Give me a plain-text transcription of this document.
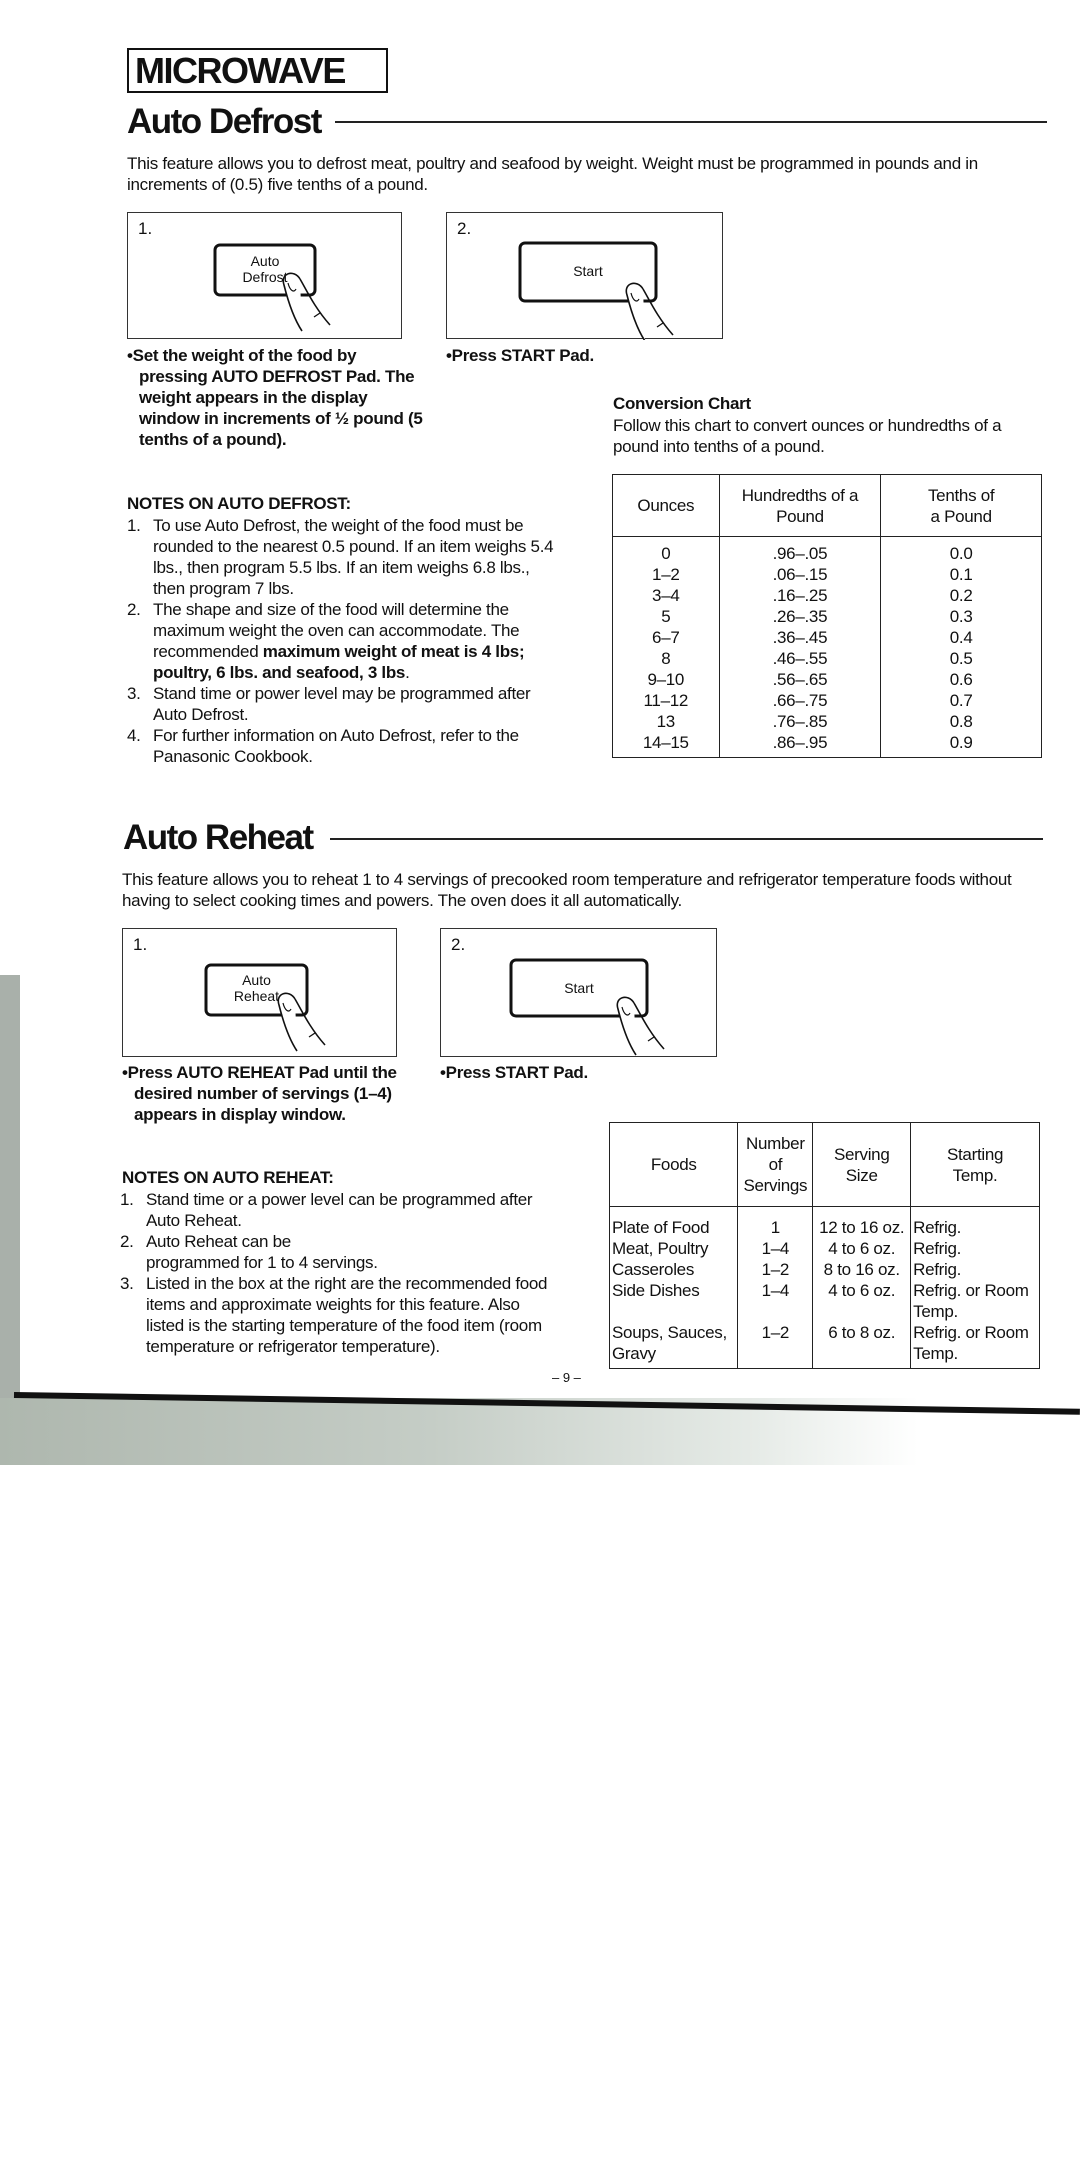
MICROWAVE
Auto Defrost
This feature allows you to defrost meat, poultry and seafood by weight. Weight must be programmed in pounds and in increments of (0.5) five tenths of a pound.
1.
Auto
Defrost
2.
Start
•Set the weight of the food by pressing AUTO DEFROST Pad. The weight appears in the display window in increments of ½ pound (5 tenths of a pound).
•Press START Pad.
Conversion Chart
Follow this chart to convert ounces or hundredths of a pound into tenths of a pound.
NOTES ON AUTO DEFROST:
1. To use Auto Defrost, the weight of the food must be rounded to the nearest 0.5 pound. If an item weighs 5.4 lbs., then program 5.5 lbs. If an item weighs 6.8 lbs., then program 7 lbs.
2. The shape and size of the food will determine the maximum weight the oven can accommodate. The recommended maximum weight of meat is 4 lbs; poultry, 6 lbs. and seafood, 3 lbs.
3. Stand time or power level may be programmed after Auto Defrost.
4. For further information on Auto Defrost, refer to the Panasonic Cookbook.
Ounces	Hundredths of a Pound	Tenths of a Pound
0	.96–.05	0.0
1–2	.06–.15	0.1
3–4	.16–.25	0.2
5	.26–.35	0.3
6–7	.36–.45	0.4
8	.46–.55	0.5
9–10	.56–.65	0.6
11–12	.66–.75	0.7
13	.76–.85	0.8
14–15	.86–.95	0.9
Auto Reheat
This feature allows you to reheat 1 to 4 servings of precooked room temperature and refrigerator temperature foods without having to select cooking times and powers. The oven does it all automatically.
1.
Auto
Reheat
2.
Start
•Press AUTO REHEAT Pad until the desired number of servings (1–4) appears in display window.
•Press START Pad.
NOTES ON AUTO REHEAT:
1. Stand time or a power level can be programmed after Auto Reheat.
2. Auto Reheat can be programmed for 1 to 4 servings.
3. Listed in the box at the right are the recommended food items and approximate weights for this feature. Also listed is the starting temperature of the food item (room temperature or refrigerator temperature).
Foods	Number of Servings	Serving Size	Starting Temp.
Plate of Food	1	12 to 16 oz.	Refrig.
Meat, Poultry	1–4	4 to 6 oz.	Refrig.
Casseroles	1–2	8 to 16 oz.	Refrig.
Side Dishes	1–4	4 to 6 oz.	Refrig. or Room Temp.
Soups, Sauces, Gravy	1–2	6 to 8 oz.	Refrig. or Room Temp.
– 9 –
